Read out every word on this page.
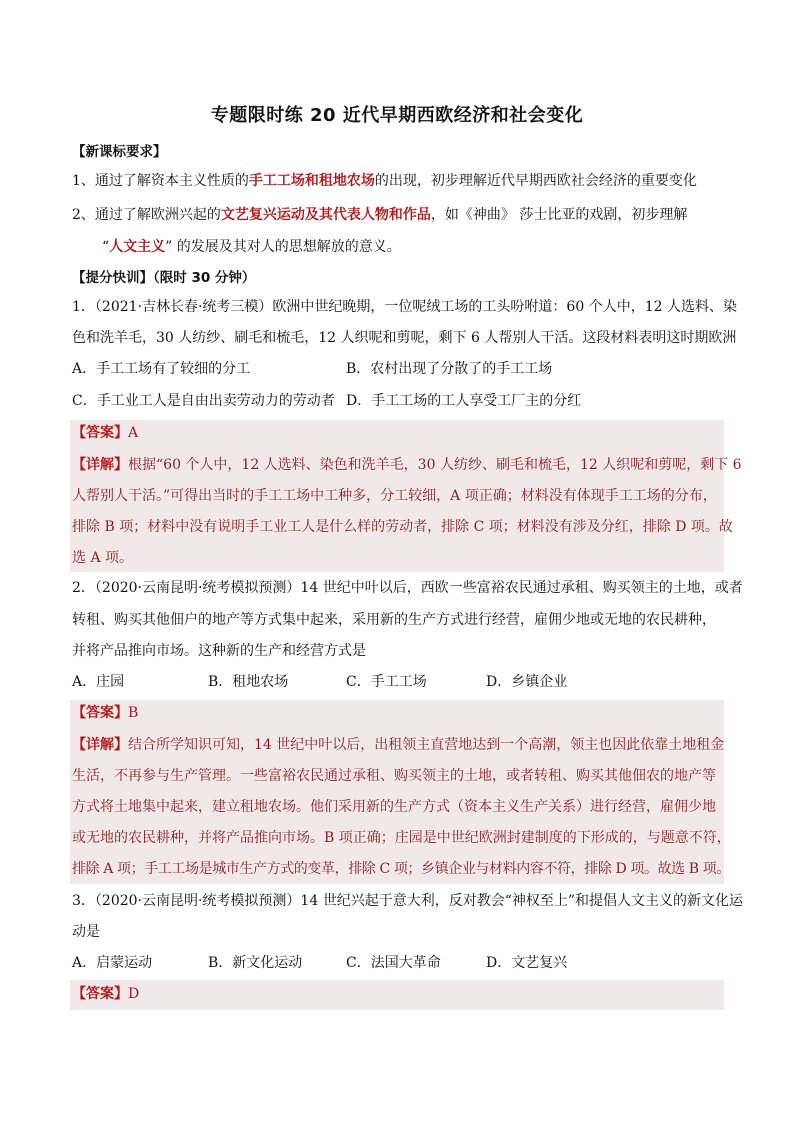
专题限时练 20 近代早期西欧经济和社会变化
【新课标要求】
1、通过了解资本主义性质的手工工场和租地农场的出现，初步理解近代早期西欧社会经济的重要变化
2、通过了解欧洲兴起的文艺复兴运动及其代表人物和作品，如《神曲》 莎士比亚的戏剧，初步理解
“人文主义” 的发展及其对人的思想解放的意义。
【提分快训】（限时 30 分钟）
1．（2021·吉林长春·统考三模）欧洲中世纪晚期，一位呢绒工场的工头吩咐道：60 个人中，12 人选料、染
色和洗羊毛，30 人纺纱、刷毛和梳毛，12 人织呢和剪呢，剩下 6 人帮别人干活。这段材料表明这时期欧洲
A．手工工场有了较细的分工	B．农村出现了分散了的手工工场
C．手工业工人是自由出卖劳动力的劳动者 D．手工工场的工人享受工厂主的分红
【答案】A
【详解】根据“60 个人中，12 人选料、染色和洗羊毛，30 人纺纱、刷毛和梳毛，12 人织呢和剪呢，剩下 6
人帮别人干活。”可得出当时的手工工场中工种多，分工较细，A 项正确；材料没有体现手工工场的分布，
排除 B 项；材料中没有说明手工业工人是什么样的劳动者，排除 C 项；材料没有涉及分红，排除 D 项。故
选 A 项。
2．（2020·云南昆明·统考模拟预测）14 世纪中叶以后，西欧一些富裕农民通过承租、购买领主的土地，或者
转租、购买其他佃户的地产等方式集中起来，采用新的生产方式进行经营，雇佣少地或无地的农民耕种，
并将产品推向市场。这种新的生产和经营方式是
A．庄园	B．租地农场	C．手工工场	D．乡镇企业
【答案】B
【详解】结合所学知识可知，14 世纪中叶以后，出租领主直营地达到一个高潮，领主也因此依靠土地租金
生活，不再参与生产管理。一些富裕农民通过承租、购买领主的土地，或者转租、购买其他佃农的地产等
方式将土地集中起来，建立租地农场。他们采用新的生产方式（资本主义生产关系）进行经营，雇佣少地
或无地的农民耕种，并将产品推向市场。B 项正确；庄园是中世纪欧洲封建制度的下形成的，与题意不符，
排除 A 项；手工工场是城市生产方式的变革，排除 C 项；乡镇企业与材料内容不符，排除 D 项。故选 B 项。
3．（2020·云南昆明·统考模拟预测）14 世纪兴起于意大利，反对教会“神权至上”和提倡人文主义的新文化运
动是
A．启蒙运动	B．新文化运动	C．法国大革命	D．文艺复兴
【答案】D
